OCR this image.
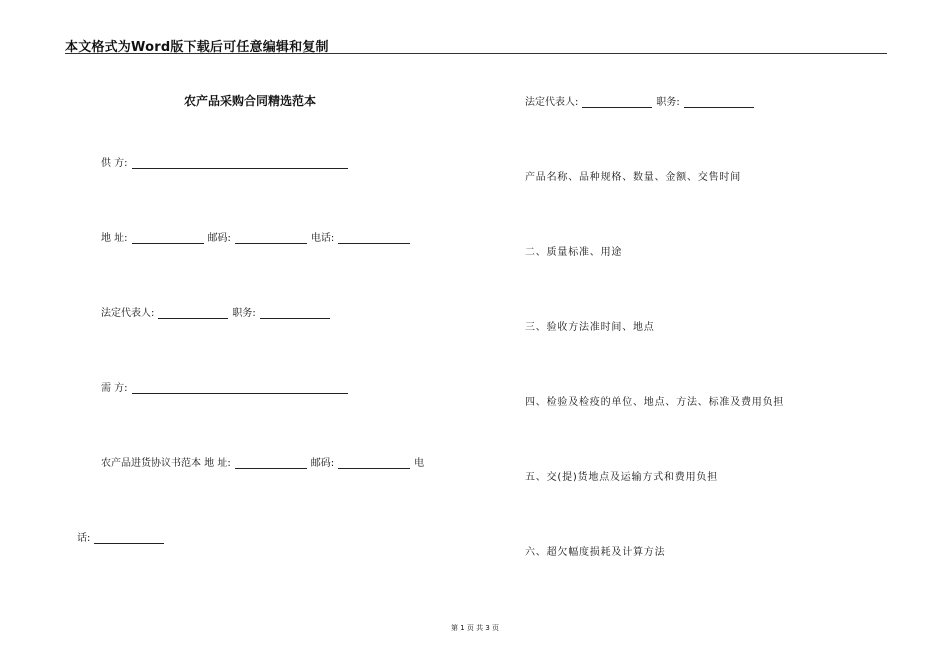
本文格式为Word版下载后可任意编辑和复制
农产品采购合同精选范本
供 方:
地 址:	邮码:	电话:
法定代表人:	职务:
需 方:
农产品进货协议书范本 地 址:	邮码:	电
话:
法定代表人:	职务:
产品名称、品种规格、数量、金额、交售时间
二、质量标准、用途
三、验收方法准时间、地点
四、检验及检疫的单位、地点、方法、标准及费用负担
五、交(提)货地点及运输方式和费用负担
六、超欠幅度损耗及计算方法
第 1 页 共 3 页
